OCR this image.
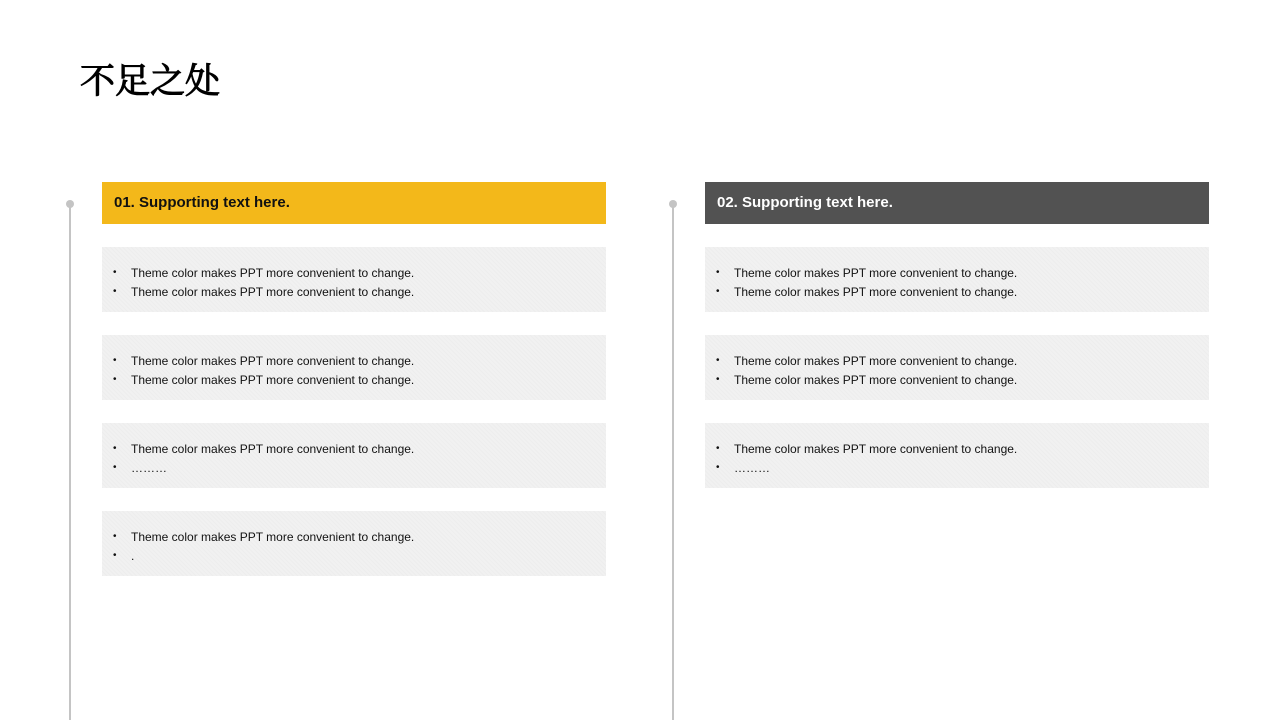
不足之处
01. Supporting text here.
•	Theme color makes PPT more convenient to change.
•	Theme color makes PPT more convenient to change.
•	Theme color makes PPT more convenient to change.
•	Theme color makes PPT more convenient to change.
•	Theme color makes PPT more convenient to change.
•	………
•	Theme color makes PPT more convenient to change.
•	.
02. Supporting text here.
•	Theme color makes PPT more convenient to change.
•	Theme color makes PPT more convenient to change.
•	Theme color makes PPT more convenient to change.
•	Theme color makes PPT more convenient to change.
•	Theme color makes PPT more convenient to change.
•	………
